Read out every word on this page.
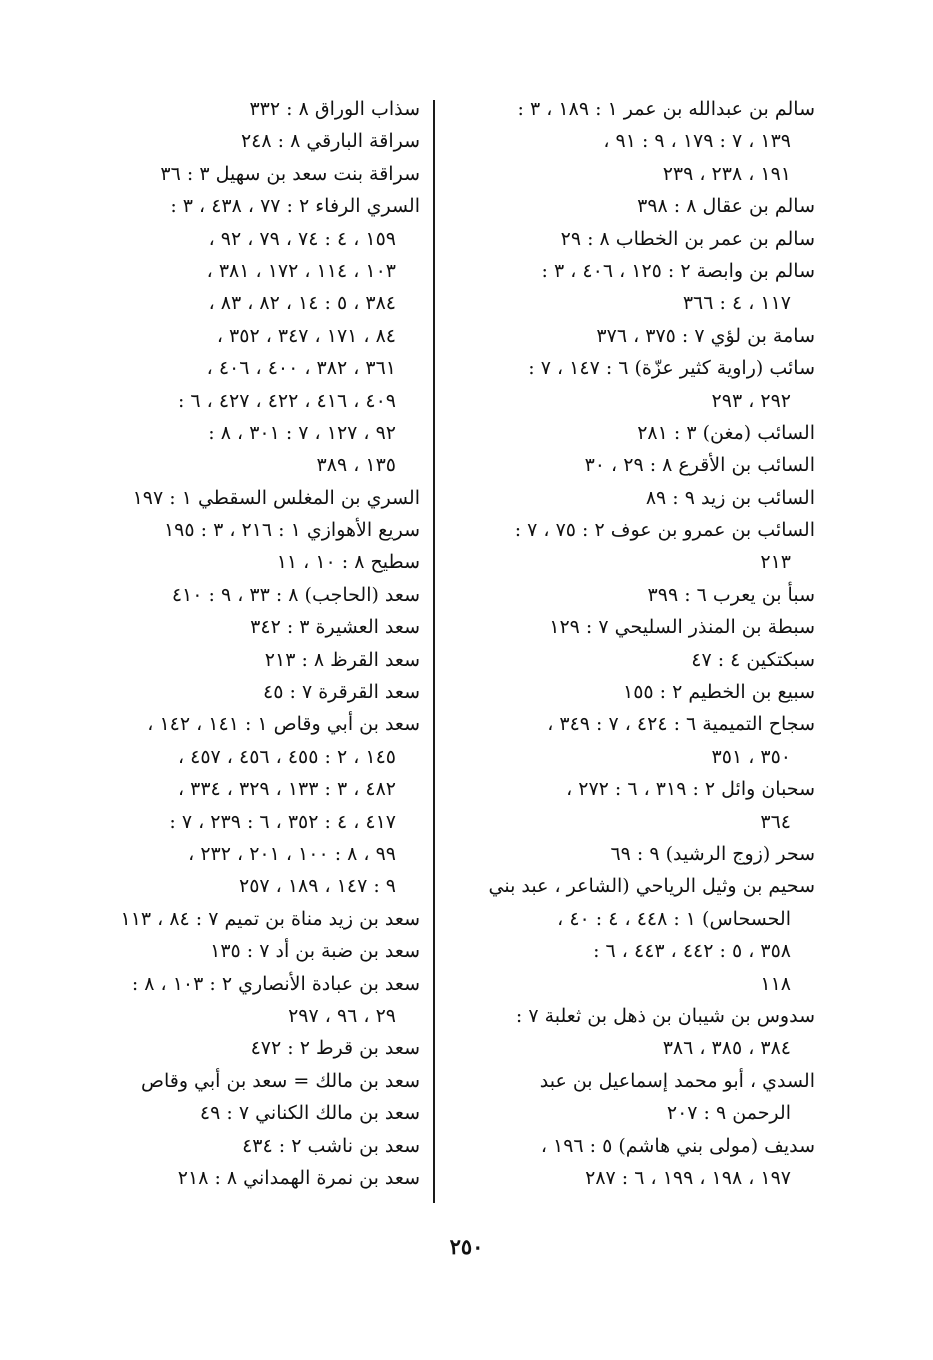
سالم بن عبدالله بن عمر ١ : ١٨٩ ، ٣ :
١٣٩ ، ٧ : ١٧٩ ، ٩ : ٩١ ،
١٩١ ، ٢٣٨ ، ٢٣٩
سالم بن عقال ٨ : ٣٩٨
سالم بن عمر بن الخطاب ٨ : ٢٩
سالم بن وابصة ٢ : ١٢٥ ، ٤٠٦ ، ٣ :
١١٧ ، ٤ : ٣٦٦
سامة بن لؤي ٧ : ٣٧٥ ، ٣٧٦
سائب (راوية كثير عزّة) ٦ : ١٤٧ ، ٧ :
٢٩٢ ، ٢٩٣
السائب (مغن) ٣ : ٢٨١
السائب بن الأقرع ٨ : ٢٩ ، ٣٠
السائب بن زيد ٩ : ٨٩
السائب بن عمرو بن عوف ٢ : ٧٥ ، ٧ :
٢١٣
سبأ بن يعرب ٦ : ٣٩٩
سبطة بن المنذر السليحي ٧ : ١٢٩
سبكتكين ٤ : ٤٧
سبيع بن الخطيم ٢ : ١٥٥
سجاح التميمية ٦ : ٤٢٤ ، ٧ : ٣٤٩ ،
٣٥٠ ، ٣٥١
سحبان وائل ٢ : ٣١٩ ، ٦ : ٢٧٢ ،
٣٦٤
سحر (زوج الرشيد) ٩ : ٦٩
سحيم بن وثيل الرياحي (الشاعر ، عبد بني
الحسحاس) ١ : ٤٤٨ ، ٤ : ٤٠ ،
٣٥٨ ، ٥ : ٤٤٢ ، ٤٤٣ ، ٦ :
١١٨
سدوس بن شيبان بن ذهل بن ثعلبة ٧ :
٣٨٤ ، ٣٨٥ ، ٣٨٦
السدي ، أبو محمد إسماعيل بن عبد
الرحمن ٩ : ٢٠٧
سديف (مولى بني هاشم) ٥ : ١٩٦ ،
١٩٧ ، ١٩٨ ، ١٩٩ ، ٦ : ٢٨٧
سذاب الوراق ٨ : ٣٣٢
سراقة البارقي ٨ : ٢٤٨
سراقة بنت سعد بن سهيل ٣ : ٣٦
السري الرفاء ٢ : ٧٧ ، ٤٣٨ ، ٣ :
١٥٩ ، ٤ : ٧٤ ، ٧٩ ، ٩٢ ،
١٠٣ ، ١١٤ ، ١٧٢ ، ٣٨١ ،
٣٨٤ ، ٥ : ١٤ ، ٨٢ ، ٨٣ ،
٨٤ ، ١٧١ ، ٣٤٧ ، ٣٥٢ ،
٣٦١ ، ٣٨٢ ، ٤٠٠ ، ٤٠٦ ،
٤٠٩ ، ٤١٦ ، ٤٢٢ ، ٤٢٧ ، ٦ :
٩٢ ، ١٢٧ ، ٧ : ٣٠١ ، ٨ :
١٣٥ ، ٣٨٩
السري بن المغلس السقطي ١ : ١٩٧
سريع الأهوازي ١ : ٢١٦ ، ٣ : ١٩٥
سطيح ٨ : ١٠ ، ١١
سعد (الحاجب) ٨ : ٣٣ ، ٩ : ٤١٠
سعد العشيرة ٣ : ٣٤٢
سعد القرظ ٨ : ٢١٣
سعد القرقرة ٧ : ٤٥
سعد بن أبي وقاص ١ : ١٤١ ، ١٤٢ ،
١٤٥ ، ٢ : ٤٥٥ ، ٤٥٦ ، ٤٥٧ ،
٤٨٢ ، ٣ : ١٣٣ ، ٣٢٩ ، ٣٣٤ ،
٤١٧ ، ٤ : ٣٥٢ ، ٦ : ٢٣٩ ، ٧ :
٩٩ ، ٨ : ١٠٠ ، ٢٠١ ، ٢٣٢ ،
٩ : ١٤٧ ، ١٨٩ ، ٢٥٧
سعد بن زيد مناة بن تميم ٧ : ٨٤ ، ١١٣
سعد بن ضبة بن أد ٧ : ١٣٥
سعد بن عبادة الأنصاري ٢ : ١٠٣ ، ٨ :
٢٩ ، ٩٦ ، ٢٩٧
سعد بن قرط ٢ : ٤٧٢
سعد بن مالك = سعد بن أبي وقاص
سعد بن مالك الكناني ٧ : ٤٩
سعد بن ناشب ٢ : ٤٣٤
سعد بن نمرة الهمداني ٨ : ٢١٨
٢٥٠
